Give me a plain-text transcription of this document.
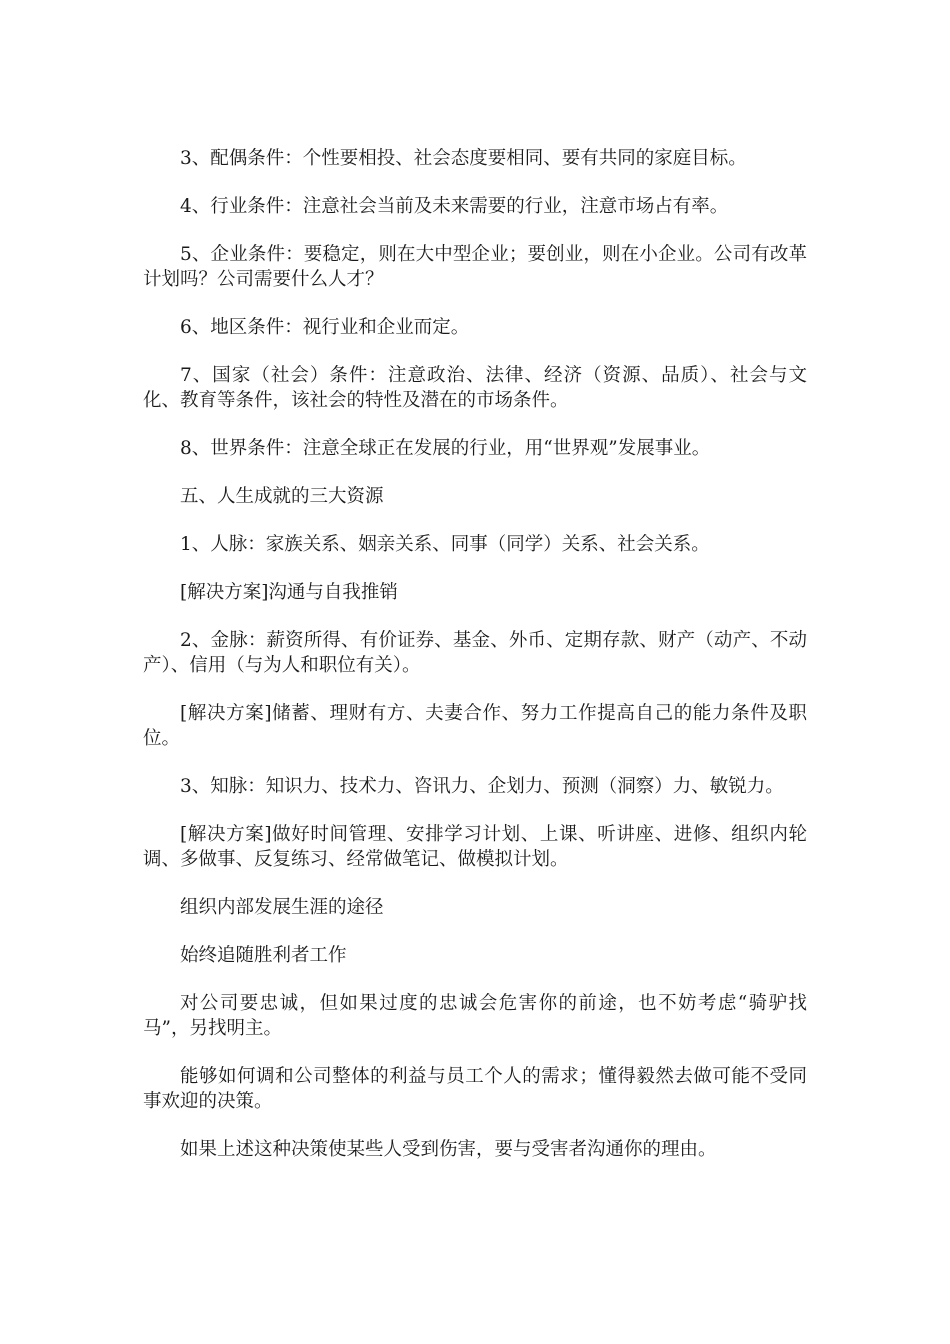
3、配偶条件：个性要相投、社会态度要相同、要有共同的家庭目标。

4、行业条件：注意社会当前及未来需要的行业，注意市场占有率。

5、企业条件：要稳定，则在大中型企业；要创业，则在小企业。公司有改革计划吗？公司需要什么人才？

6、地区条件：视行业和企业而定。

7、国家（社会）条件：注意政治、法律、经济（资源、品质）、社会与文化、教育等条件，该社会的特性及潜在的市场条件。

8、世界条件：注意全球正在发展的行业，用“世界观”发展事业。

五、人生成就的三大资源

1、人脉：家族关系、姻亲关系、同事（同学）关系、社会关系。

[解决方案]沟通与自我推销

2、金脉：薪资所得、有价证券、基金、外币、定期存款、财产（动产、不动产）、信用（与为人和职位有关）。

[解决方案]储蓄、理财有方、夫妻合作、努力工作提高自己的能力条件及职位。

3、知脉：知识力、技术力、咨讯力、企划力、预测（洞察）力、敏锐力。

[解决方案]做好时间管理、安排学习计划、上课、听讲座、进修、组织内轮调、多做事、反复练习、经常做笔记、做模拟计划。

组织内部发展生涯的途径

始终追随胜利者工作

对公司要忠诚，但如果过度的忠诚会危害你的前途，也不妨考虑“骑驴找马”，另找明主。

能够如何调和公司整体的利益与员工个人的需求；懂得毅然去做可能不受同事欢迎的决策。

如果上述这种决策使某些人受到伤害，要与受害者沟通你的理由。
